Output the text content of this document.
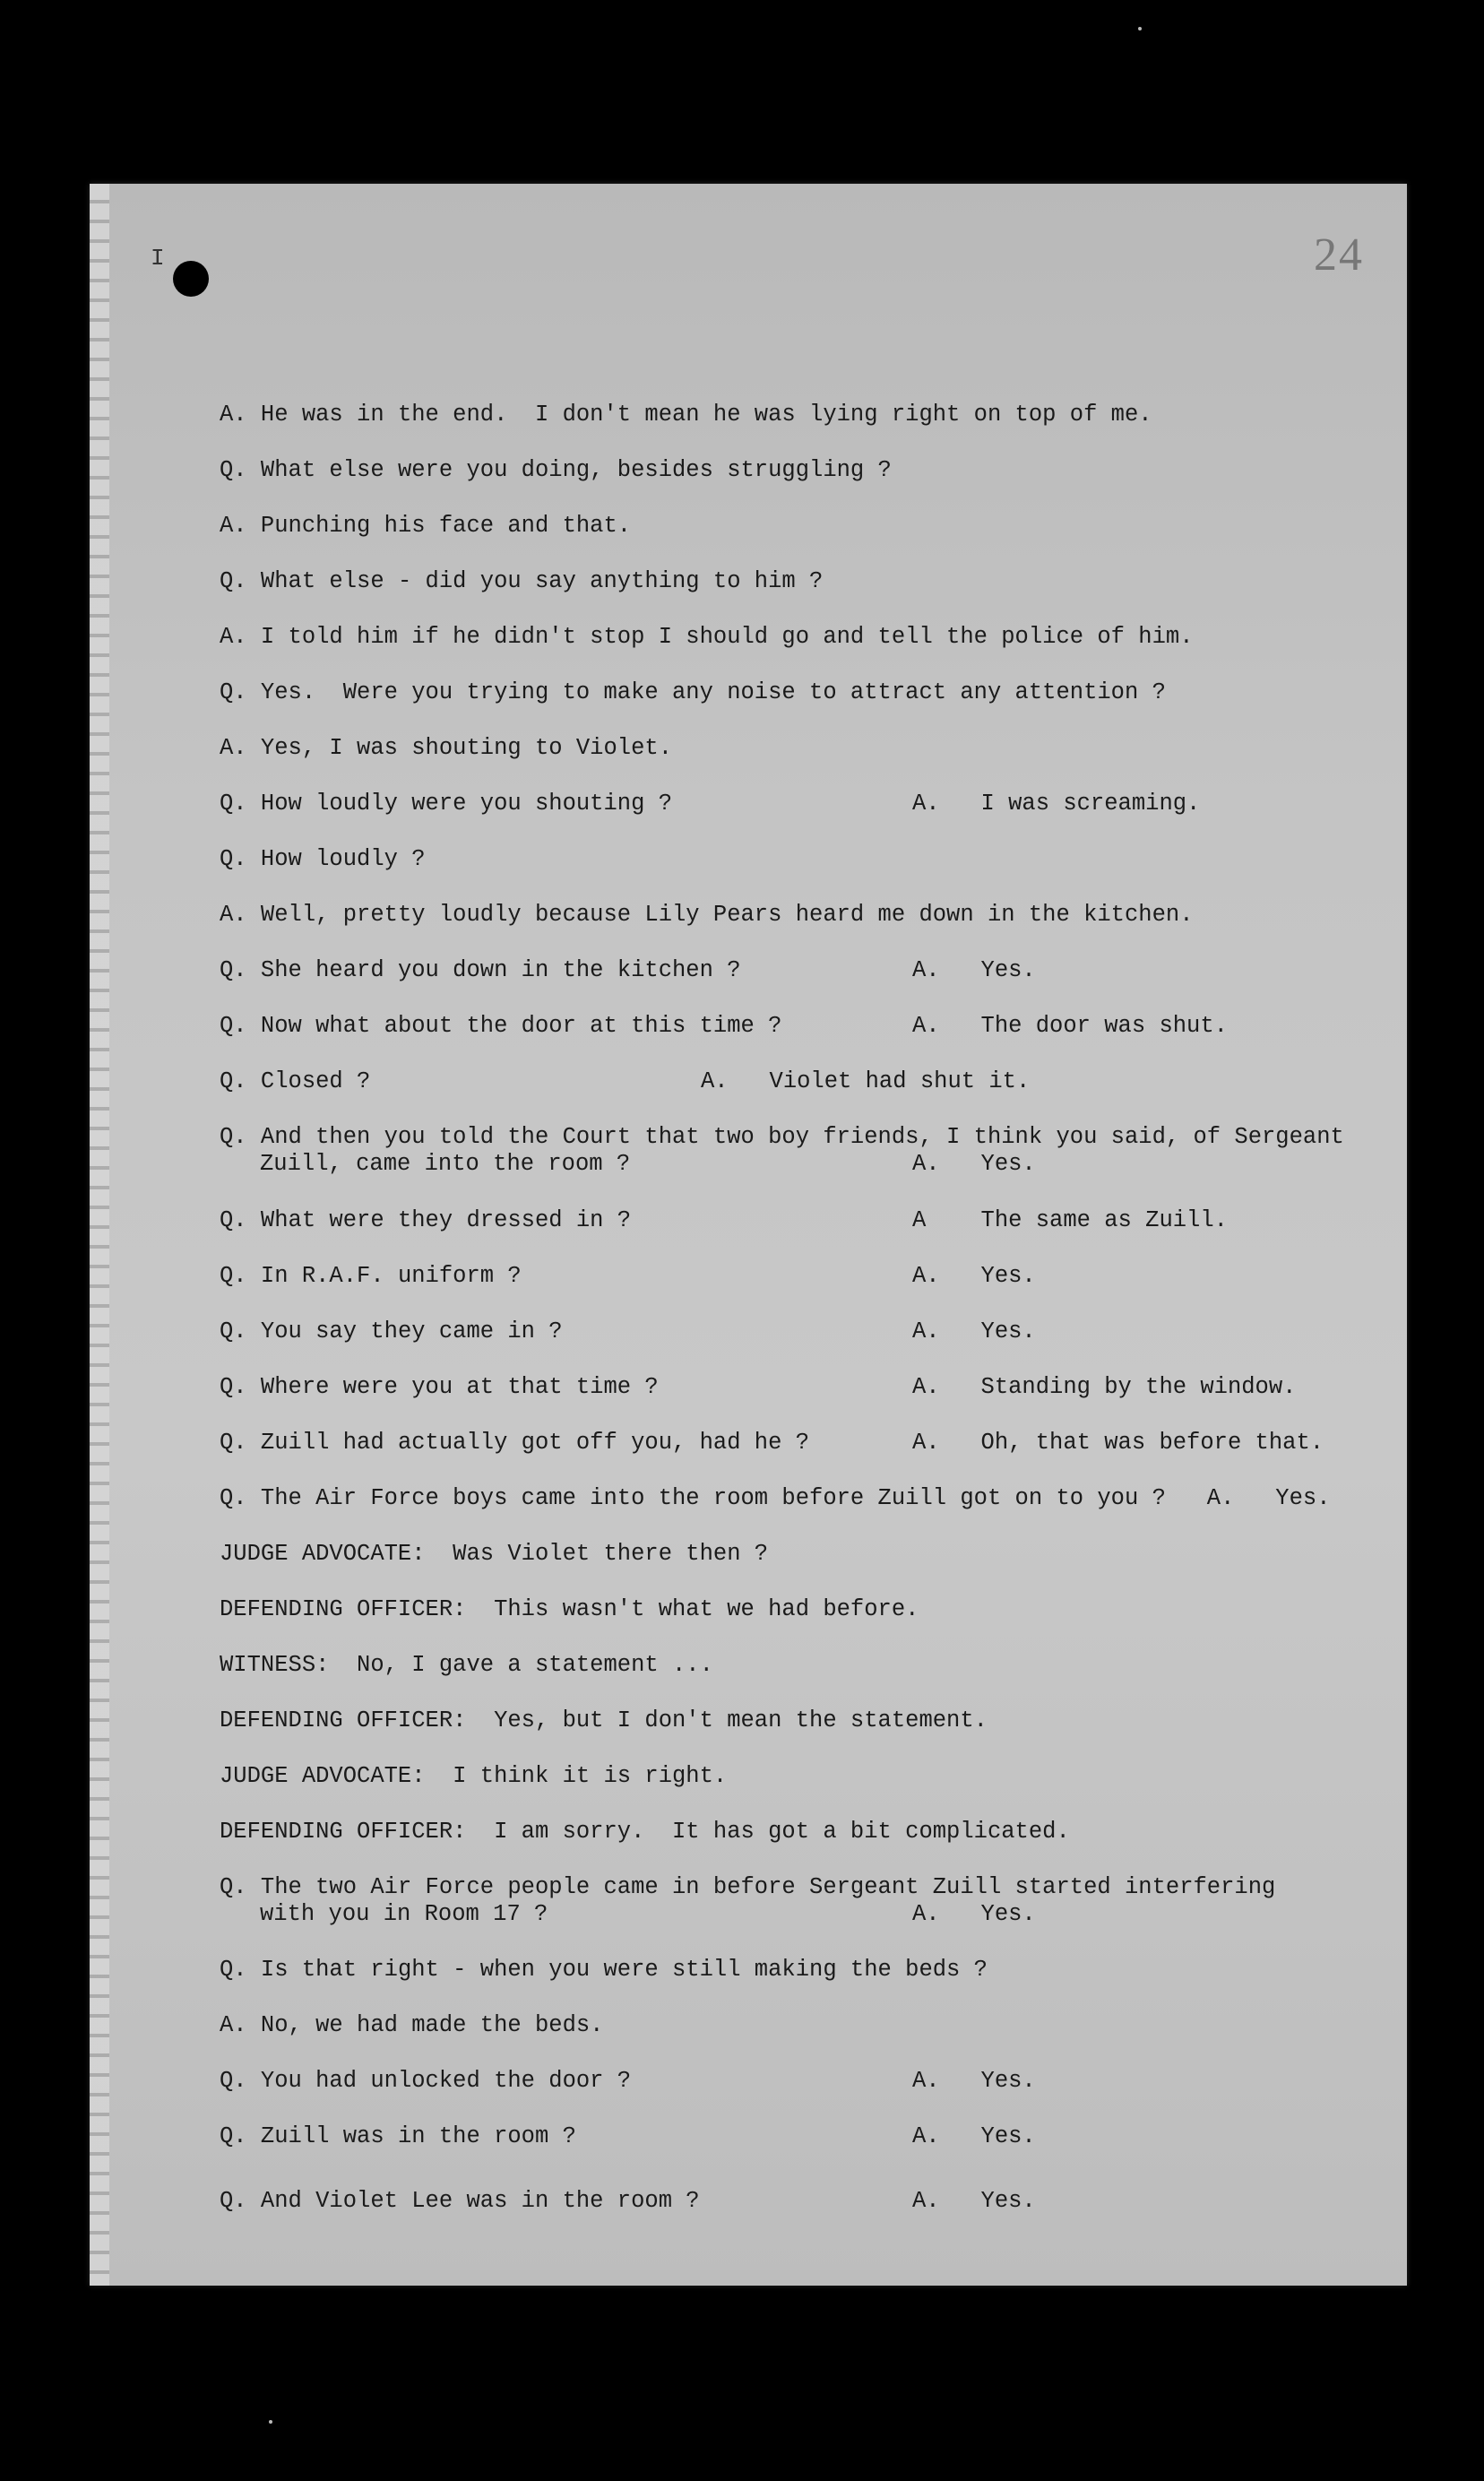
I	24
A. He was in the end.  I don't mean he was lying right on top of me.
Q. What else were you doing, besides struggling ?
A. Punching his face and that.
Q. What else - did you say anything to him ?
A. I told him if he didn't stop I should go and tell the police of him.
Q. Yes.  Were you trying to make any noise to attract any attention ?
A. Yes, I was shouting to Violet.
Q. How loudly were you shouting ?	A.   I was screaming.
Q. How loudly ?
A. Well, pretty loudly because Lily Pears heard me down in the kitchen.
Q. She heard you down in the kitchen ?	A.   Yes.
Q. Now what about the door at this time ?	A.   The door was shut.
Q. Closed ?	A.   Violet had shut it.
Q. And then you told the Court that two boy friends, I think you said, of Sergeant
Zuill, came into the room ?	A.   Yes.
Q. What were they dressed in ?	A    The same as Zuill.
Q. In R.A.F. uniform ?	A.   Yes.
Q. You say they came in ?	A.   Yes.
Q. Where were you at that time ?	A.   Standing by the window.
Q. Zuill had actually got off you, had he ?	A.   Oh, that was before that.
Q. The Air Force boys came into the room before Zuill got on to you ?   A.   Yes.
JUDGE ADVOCATE: Was Violet there then ?
DEFENDING OFFICER: This wasn't what we had before.
WITNESS: No, I gave a statement ...
DEFENDING OFFICER: Yes, but I don't mean the statement.
JUDGE ADVOCATE: I think it is right.
DEFENDING OFFICER: I am sorry.  It has got a bit complicated.
Q. The two Air Force people came in before Sergeant Zuill started interfering
with you in Room 17 ?	A.   Yes.
Q. Is that right - when you were still making the beds ?
A. No, we had made the beds.
Q. You had unlocked the door ?	A.   Yes.
Q. Zuill was in the room ?	A.   Yes.
Q. And Violet Lee was in the room ?	A.   Yes.
